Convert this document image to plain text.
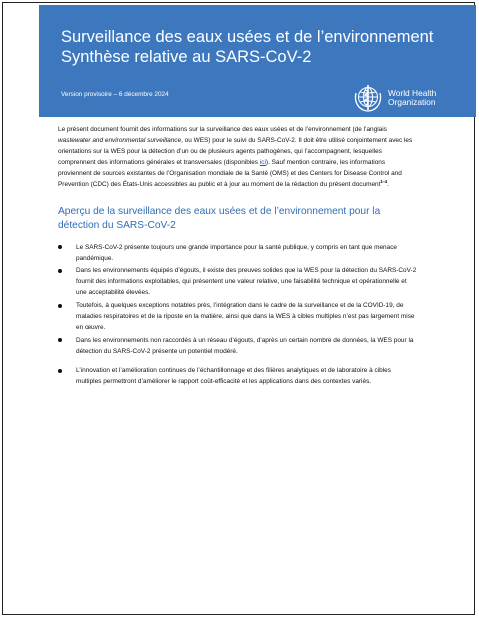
Surveillance des eaux usées et de l’environnement
Synthèse relative au SARS-CoV-2
Version provisoire – 6 décembre 2024	World Health
Organization

Le présent document fournit des informations sur la surveillance des eaux usées et de l’environnement (de l’anglais wastewater and environmental surveillance, ou WES) pour le suivi du SARS-CoV-2. Il doit être utilisé conjointement avec les orientations sur la WES pour la détection d’un ou de plusieurs agents pathogènes, qui l’accompagnent, lesquelles comprennent des informations générales et transversales (disponibles ici). Sauf mention contraire, les informations proviennent de sources existantes de l’Organisation mondiale de la Santé (OMS) et des Centers for Disease Control and Prevention (CDC) des États-Unis accessibles au public et à jour au moment de la rédaction du présent document$^{1-4}$.

Aperçu de la surveillance des eaux usées et de l’environnement pour la détection du SARS-CoV-2
Le SARS-CoV-2 présente toujours une grande importance pour la santé publique, y compris en tant que menace pandémique.
Dans les environnements équipés d’égouts, il existe des preuves solides que la WES pour la détection du SARS-CoV-2 fournit des informations exploitables, qui présentent une valeur relative, une faisabilité technique et opérationnelle et une acceptabilité élevées.
Toutefois, à quelques exceptions notables près, l’intégration dans le cadre de la surveillance et de la COVID-19, de maladies respiratoires et de la riposte en la matière, ainsi que dans la WES à cibles multiples n’est pas largement mise en œuvre.
Dans les environnements non raccordés à un réseau d’égouts, d’après un certain nombre de données, la WES pour la détection du SARS-CoV-2 présente un potentiel modéré.
L’innovation et l’amélioration continues de l’échantillonnage et des filières analytiques et de laboratoire à cibles multiples permettront d’améliorer le rapport coût-efficacité et les applications dans des contextes variés.
